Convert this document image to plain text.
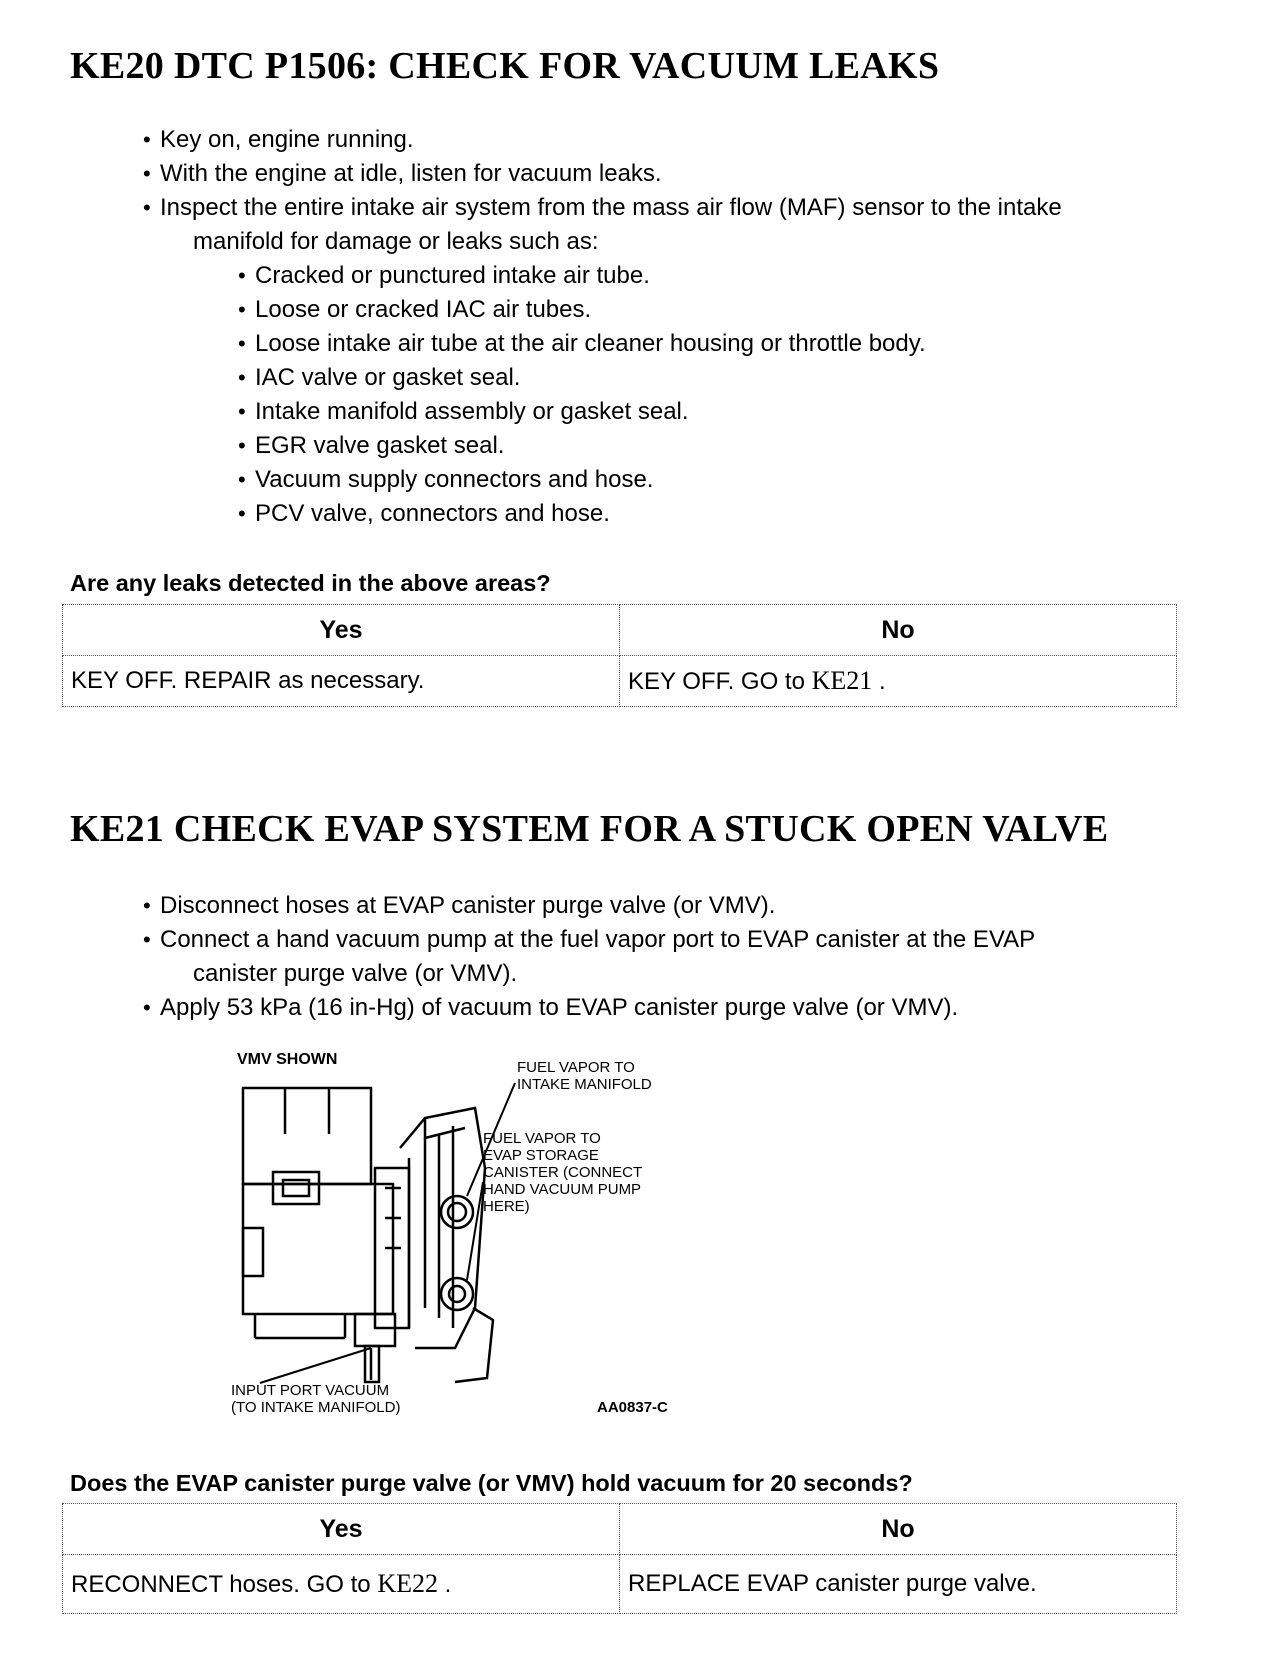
KE20 DTC P1506: CHECK FOR VACUUM LEAKS
• Key on, engine running.
• With the engine at idle, listen for vacuum leaks.
• Inspect the entire intake air system from the mass air flow (MAF) sensor to the intake
manifold for damage or leaks such as:
• Cracked or punctured intake air tube.
• Loose or cracked IAC air tubes.
• Loose intake air tube at the air cleaner housing or throttle body.
• IAC valve or gasket seal.
• Intake manifold assembly or gasket seal.
• EGR valve gasket seal.
• Vacuum supply connectors and hose.
• PCV valve, connectors and hose.

Are any leaks detected in the above areas?

Yes	No
KEY OFF. REPAIR as necessary.	KEY OFF. GO to KE21 .
KE21 CHECK EVAP SYSTEM FOR A STUCK OPEN VALVE
• Disconnect hoses at EVAP canister purge valve (or VMV).
• Connect a hand vacuum pump at the fuel vapor port to EVAP canister at the EVAP
canister purge valve (or VMV).
• Apply 53 kPa (16 in-Hg) of vacuum to EVAP canister purge valve (or VMV).
VMV SHOWN	FUEL VAPOR TO INTAKE MANIFOLD
FUEL VAPOR TO EVAP STORAGE CANISTER (CONNECT HAND VACUUM PUMP HERE)
INPUT PORT VACUUM (TO INTAKE MANIFOLD)	AA0837-C

Does the EVAP canister purge valve (or VMV) hold vacuum for 20 seconds?

Yes	No
RECONNECT hoses. GO to KE22 .	REPLACE EVAP canister purge valve.
